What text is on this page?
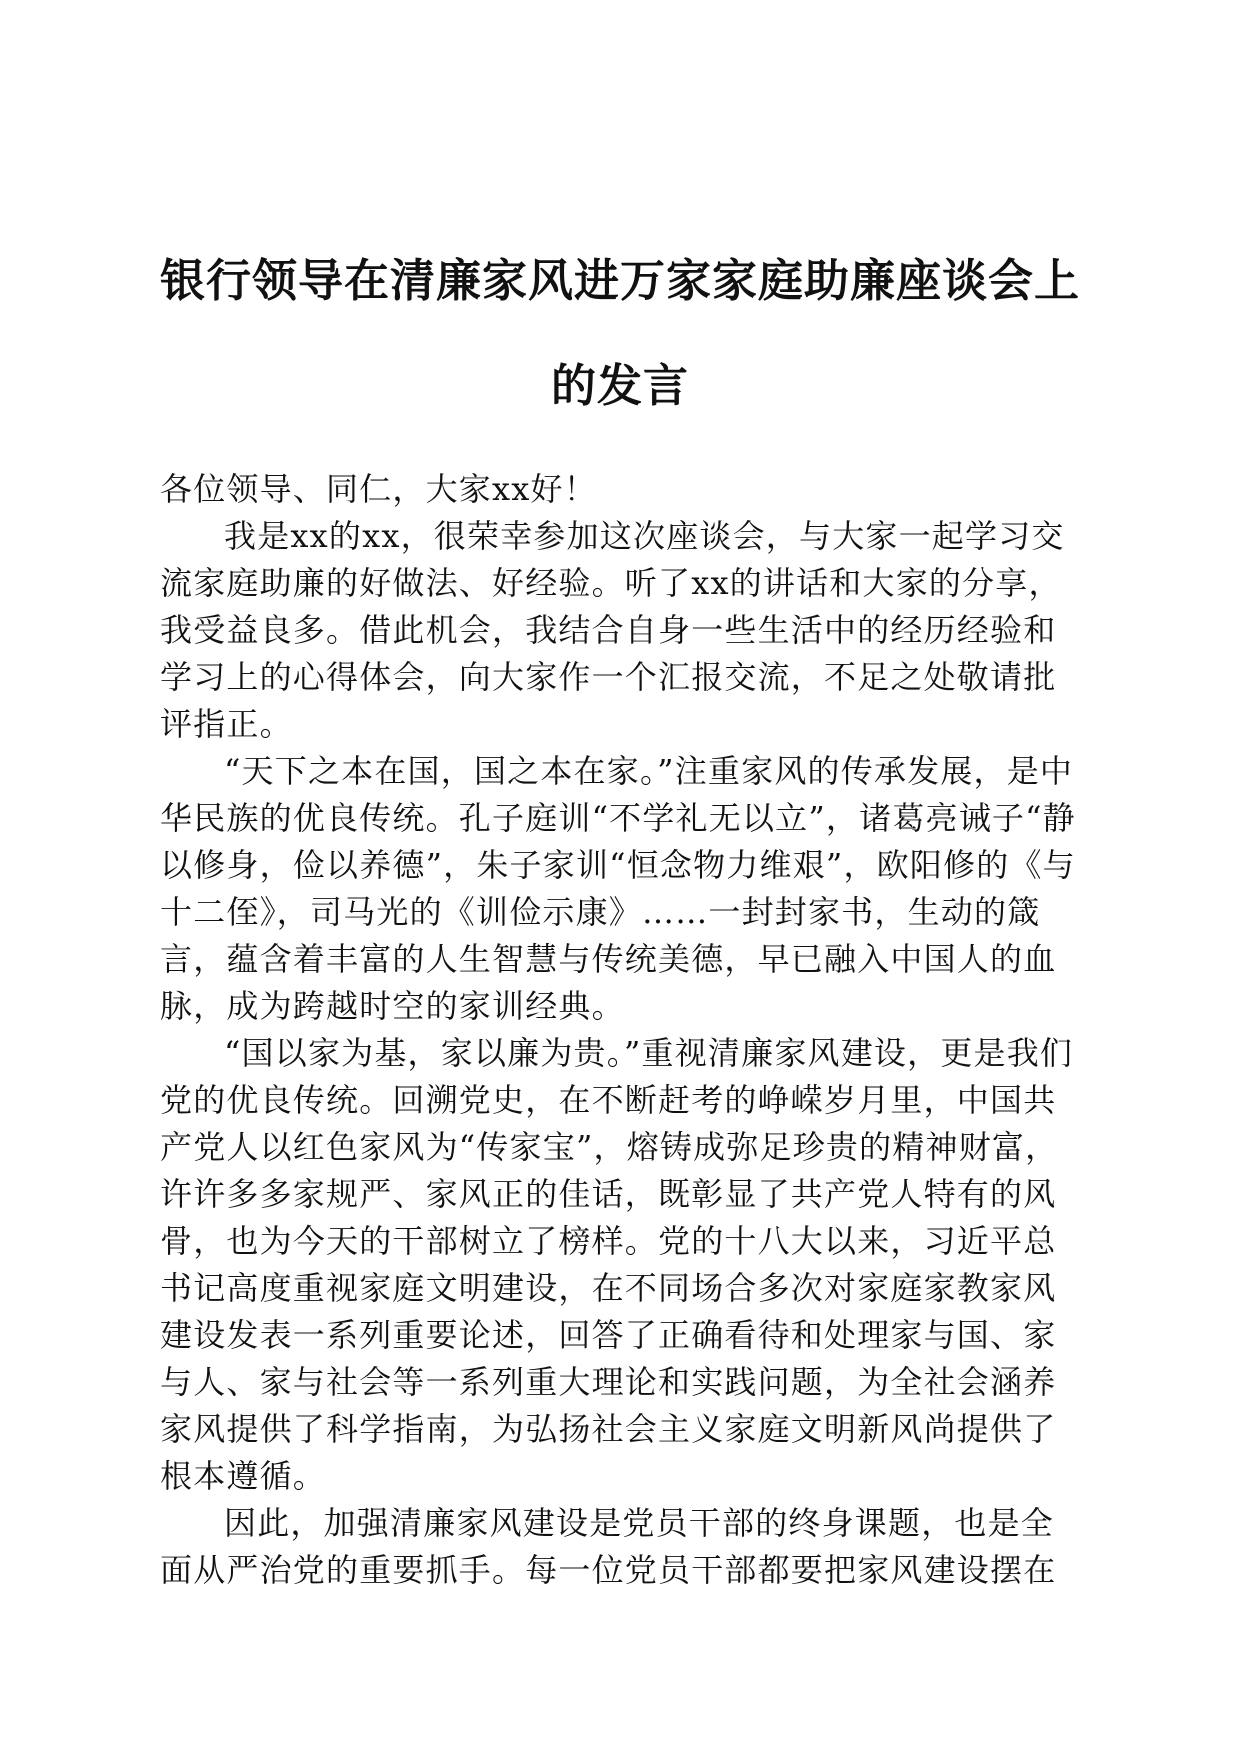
银行领导在清廉家风进万家家庭助廉座谈会上
的发言

各位领导、同仁，大家xx好！

我是xx的xx，很荣幸参加这次座谈会，与大家一起学习交流家庭助廉的好做法、好经验。听了xx的讲话和大家的分享，我受益良多。借此机会，我结合自身一些生活中的经历经验和学习上的心得体会，向大家作一个汇报交流，不足之处敬请批评指正。

“天下之本在国，国之本在家。”注重家风的传承发展，是中华民族的优良传统。孔子庭训“不学礼无以立”，诸葛亮诫子“静以修身，俭以养德”，朱子家训“恒念物力维艰”，欧阳修的《与十二侄》，司马光的《训俭示康》……一封封家书，生动的箴言，蕴含着丰富的人生智慧与传统美德，早已融入中国人的血脉，成为跨越时空的家训经典。

“国以家为基，家以廉为贵。”重视清廉家风建设，更是我们党的优良传统。回溯党史，在不断赶考的峥嵘岁月里，中国共产党人以红色家风为“传家宝”，熔铸成弥足珍贵的精神财富，许许多多家规严、家风正的佳话，既彰显了共产党人特有的风骨，也为今天的干部树立了榜样。党的十八大以来，习近平总书记高度重视家庭文明建设，在不同场合多次对家庭家教家风建设发表一系列重要论述，回答了正确看待和处理家与国、家与人、家与社会等一系列重大理论和实践问题，为全社会涵养家风提供了科学指南，为弘扬社会主义家庭文明新风尚提供了根本遵循。

因此，加强清廉家风建设是党员干部的终身课题，也是全面从严治党的重要抓手。每一位党员干部都要把家风建设摆在
